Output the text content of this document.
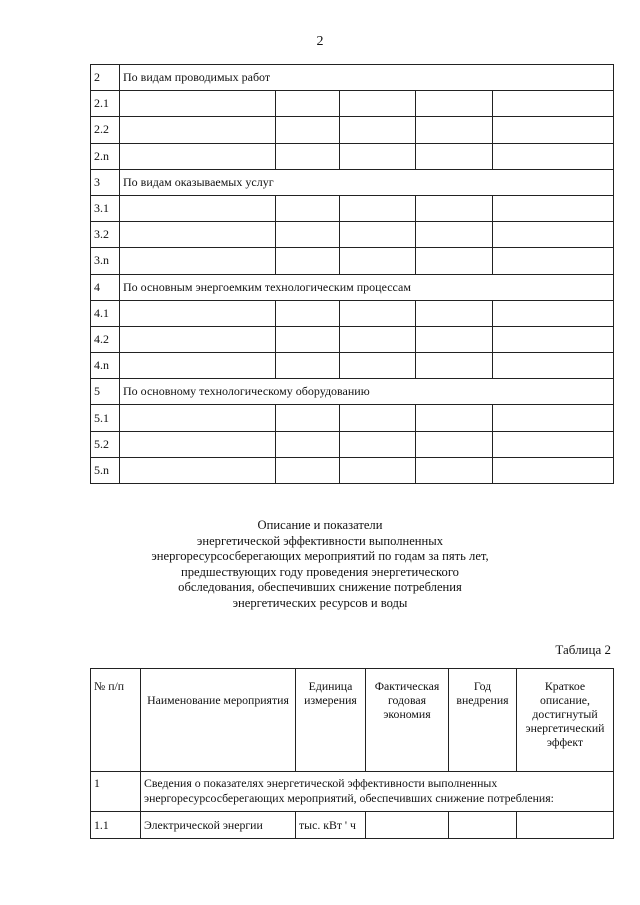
2
2	По видам проводимых работ				
2.1					
2.2					
2.n					
3	По видам оказываемых услуг				
3.1					
3.2					
3.n					
4	По основным энергоемким технологическим процессам				
4.1					
4.2					
4.n					
5	По основному технологическому оборудованию				
5.1					
5.2					
5.n					
Описание и показатели
энергетической эффективности выполненных
энергоресурсосберегающих мероприятий по годам за пять лет,
предшествующих году проведения энергетического
обследования, обеспечивших снижение потребления
энергетических ресурсов и воды
Таблица 2
№ п/п	Наименование мероприятия	Единица измерения	Фактическая годовая экономия	Год внедрения	Краткое описание, достигнутый энергетический эффект
1	Сведения о показателях энергетической эффективности выполненных энергоресурсосберегающих мероприятий, обеспечивших снижение потребления:				
1.1	Электрической энергии	тыс. кВт ' ч			
